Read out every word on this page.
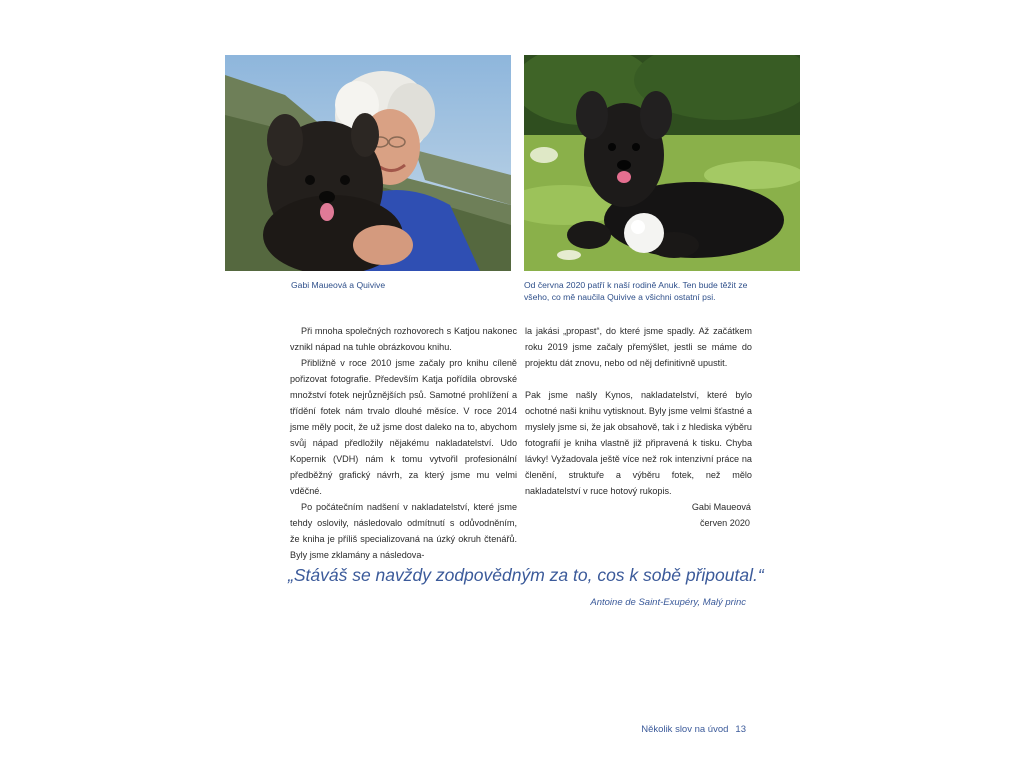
Gabi Maueová a Quivive	Od června 2020 patří k naší rodině Anuk. Ten bude těžit ze všeho, co mě naučila Quivive a všichni ostatní psi.

Při mnoha společných rozhovorech s Katjou nakonec vznikl nápad na tuhle obrázkovou knihu.

Přibližně v roce 2010 jsme začaly pro knihu cíleně pořizovat fotografie. Především Katja pořídila obrovské množství fotek nejrůznějších psů. Samotné prohlížení a třídění fotek nám trvalo dlouhé měsíce. V roce 2014 jsme měly pocit, že už jsme dost daleko na to, abychom svůj nápad předložily nějakému nakladatelství. Udo Kopernik (VDH) nám k tomu vytvořil profesionální předběžný grafický návrh, za který jsme mu velmi vděčné.

Po počátečním nadšení v nakladatelství, které jsme tehdy oslovily, následovalo odmítnutí s odůvodněním, že kniha je příliš specializovaná na úzký okruh čtenářů. Byly jsme zklamány a následova-

la jakási „propast“, do které jsme spadly. Až začátkem roku 2019 jsme začaly přemýšlet, jestli se máme do projektu dát znovu, nebo od něj definitivně upustit.

Pak jsme našly Kynos, nakladatelství, které bylo ochotné naši knihu vytisknout. Byly jsme velmi šťastné a myslely jsme si, že jak obsahově, tak i z hlediska výběru fotografií je kniha vlastně již připravená k tisku. Chyba lávky! Vyžadovala ještě více než rok intenzivní práce na členění, struktuře a výběru fotek, než mělo nakladatelství v ruce hotový rukopis.

Gabi Maueová
červen 2020

„Stáváš se navždy zodpovědným za to, cos k sobě připoutal.“

Antoine de Saint-Exupéry, Malý princ
Několik slov na úvod 13
